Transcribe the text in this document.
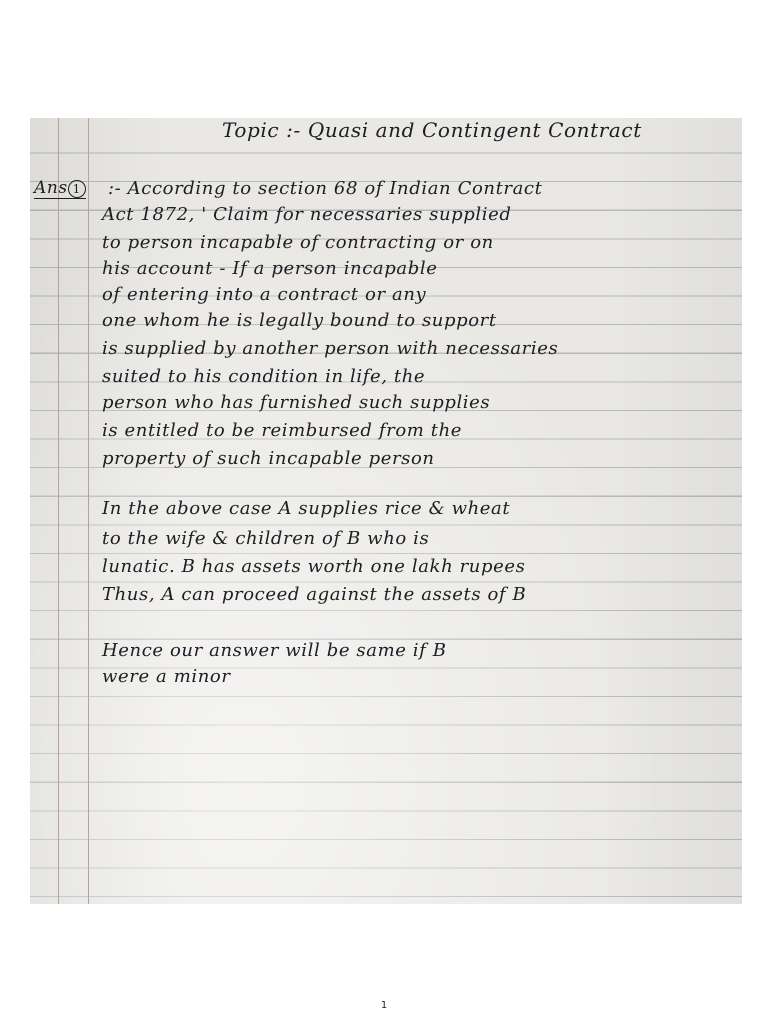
Topic :- Quasi and Contingent Contract

Ans 1 :- According to section 68 of Indian Contract

Act 1872, ' Claim for necessaries supplied

to person incapable of contracting or on

his account - If a person incapable

of entering into a contract or any

one whom he is legally bound to support

is supplied by another person with necessaries

suited to his condition in life, the

person who has furnished such supplies

is entitled to be reimbursed from the

property of such incapable person

In the above case A supplies rice & wheat

to the wife & children of B who is

lunatic. B has assets worth one lakh rupees

Thus, A can proceed against the assets of B

Hence our answer will be same if B

were a minor

1
